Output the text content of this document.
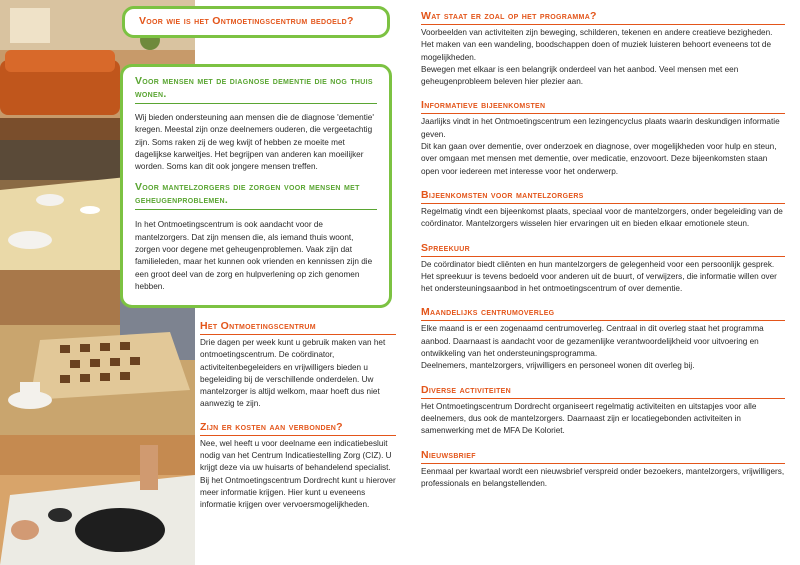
Voor wie is het Ontmoetingscentrum bedoeld?
Voor mensen met de diagnose dementie die nog thuis wonen.
Wij bieden ondersteuning aan mensen die de diagnose 'dementie' kregen. Meestal zijn onze deelnemers ouderen, die vergeetachtig zijn. Soms raken zij de weg kwijt of hebben ze moeite met dagelijkse karweitjes. Het begrijpen van anderen kan moeilijker worden. Soms kan dit ook jongere mensen treffen.
Voor mantelzorgers die zorgen voor mensen met geheugenproblemen.
In het Ontmoetingscentrum is ook aandacht voor de mantelzorgers. Dat zijn mensen die, als iemand thuis woont, zorgen voor degene met geheugenproblemen. Vaak zijn dat familieleden, maar het kunnen ook vrienden en kennissen zijn die een groot deel van de zorg en hulpverlening op zich genomen hebben.
Het Ontmoetingscentrum
Drie dagen per week kunt u gebruik maken van het ontmoetingscentrum. De coördinator, activiteitenbegeleiders en vrijwilligers bieden u begeleiding bij de verschillende onderdelen. Uw mantelzorger is altijd welkom, maar hoeft dus niet aanwezig te zijn.
Zijn er kosten aan verbonden?
Nee, wel heeft u voor deelname een indicatiebesluit nodig van het Centrum Indicatiestelling Zorg (CIZ). U krijgt deze via uw huisarts of behandelend specialist. Bij het Ontmoetingscentrum Dordrecht kunt u hierover meer informatie krijgen. Hier kunt u eveneens informatie krijgen over vervoersmogelijkheden.
Wat staat er zoal op het programma?
Voorbeelden van activiteiten zijn beweging, schilderen, tekenen en andere creatieve bezigheden. Het maken van een wandeling, boodschappen doen of muziek luisteren behoort eveneens tot de mogelijkheden.
Bewegen met elkaar is een belangrijk onderdeel van het aanbod. Veel mensen met een geheugenprobleem beleven hier plezier aan.
Informatieve bijeenkomsten
Jaarlijks vindt in het Ontmoetingscentrum een lezingencyclus plaats waarin deskundigen informatie geven.
Dit kan gaan over dementie, over onderzoek en diagnose, over mogelijkheden voor hulp en steun, over omgaan met mensen met dementie, over medicatie, enzovoort. Deze bijeenkomsten staan open voor iedereen met interesse voor het onderwerp.
Bijeenkomsten voor mantelzorgers
Regelmatig vindt een bijeenkomst plaats, speciaal voor de mantelzorgers, onder begeleiding van de coördinator. Mantelzorgers wisselen hier ervaringen uit en bieden elkaar emotionele steun.
Spreekuur
De coördinator biedt cliënten en hun mantelzorgers de gelegenheid voor een persoonlijk gesprek. Het spreekuur is tevens bedoeld voor anderen uit de buurt, of verwijzers, die informatie willen over het ondersteuningsaanbod in het ontmoetingscentrum of over dementie.
Maandelijks centrumoverleg
Elke maand is er een zogenaamd centrumoverleg. Centraal in dit overleg staat het programma aanbod. Daarnaast is aandacht voor de gezamenlijke verantwoordelijkheid voor uitvoering en ontwikkeling van het ondersteuningsprogramma.
Deelnemers, mantelzorgers, vrijwilligers en personeel wonen dit overleg bij.
Diverse activiteiten
Het Ontmoetingscentrum Dordrecht organiseert regelmatig activiteiten en uitstapjes voor alle deelnemers, dus ook de mantelzorgers. Daarnaast zijn er locatiegebonden activiteiten in samenwerking met de MFA De Koloriet.
Nieuwsbrief
Eenmaal per kwartaal wordt een nieuwsbrief verspreid onder bezoekers, mantelzorgers, vrijwilligers, professionals en belangstellenden.
